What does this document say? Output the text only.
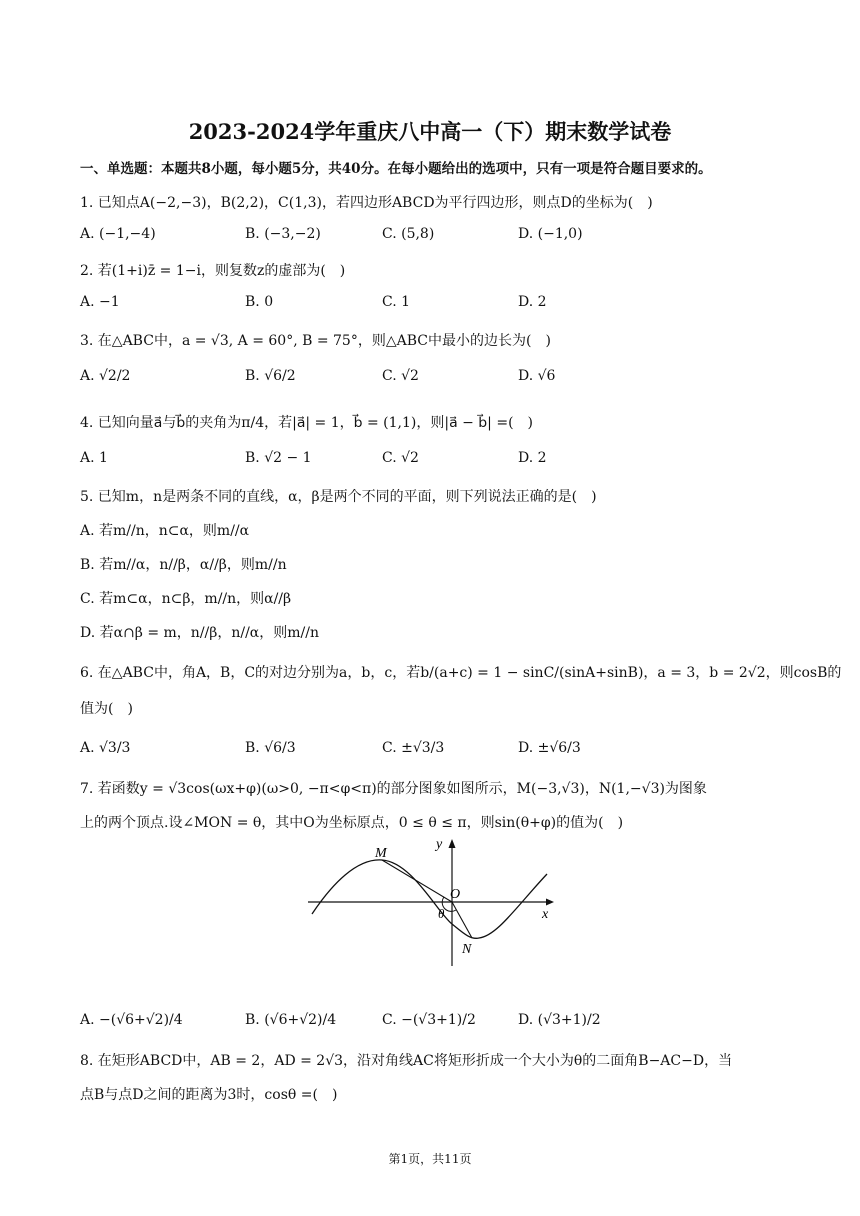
2023-2024学年重庆八中高一（下）期末数学试卷
一、单选题：本题共8小题，每小题5分，共40分。在每小题给出的选项中，只有一项是符合题目要求的。
1. 已知点A(−2,−3)，B(2,2)，C(1,3)，若四边形ABCD为平行四边形，则点D的坐标为(　)
A. (−1,−4)	B. (−3,−2)	C. (5,8)	D. (−1,0)
2. 若(1+i)z̄ = 1−i，则复数z的虚部为(　)
A. −1	B. 0	C. 1	D. 2
3. 在△ABC中，a = √3, A = 60°, B = 75°，则△ABC中最小的边长为(　)
A. √2/2	B. √6/2	C. √2	D. √6
4. 已知向量a⃗与b⃗的夹角为π/4，若|a⃗| = 1，b⃗ = (1,1)，则|a⃗ − b⃗| =(　)
A. 1	B. √2 − 1	C. √2	D. 2
5. 已知m，n是两条不同的直线，α，β是两个不同的平面，则下列说法正确的是(　)
A. 若m//n，n⊂α，则m//α
B. 若m//α，n//β，α//β，则m//n
C. 若m⊂α，n⊂β，m//n，则α//β
D. 若α∩β = m，n//β，n//α，则m//n
6. 在△ABC中，角A，B，C的对边分别为a，b，c，若b/(a+c) = 1 − sinC/(sinA+sinB)，a = 3，b = 2√2，则cosB的
值为(　)
A. √3/3	B. √6/3	C. ±√3/3	D. ±√6/3
7. 若函数y = √3cos(ωx+φ)(ω>0, −π<φ<π)的部分图象如图所示，M(−3,√3)，N(1,−√3)为图象
上的两个顶点.设∠MON = θ，其中O为坐标原点，0 ≤ θ ≤ π，则sin(θ+φ)的值为(　)
M
O
θ
N
x
y
A. −(√6+√2)/4	B. (√6+√2)/4	C. −(√3+1)/2	D. (√3+1)/2
8. 在矩形ABCD中，AB = 2，AD = 2√3，沿对角线AC将矩形折成一个大小为θ的二面角B−AC−D，当
点B与点D之间的距离为3时，cosθ =(　)
第1页，共11页
